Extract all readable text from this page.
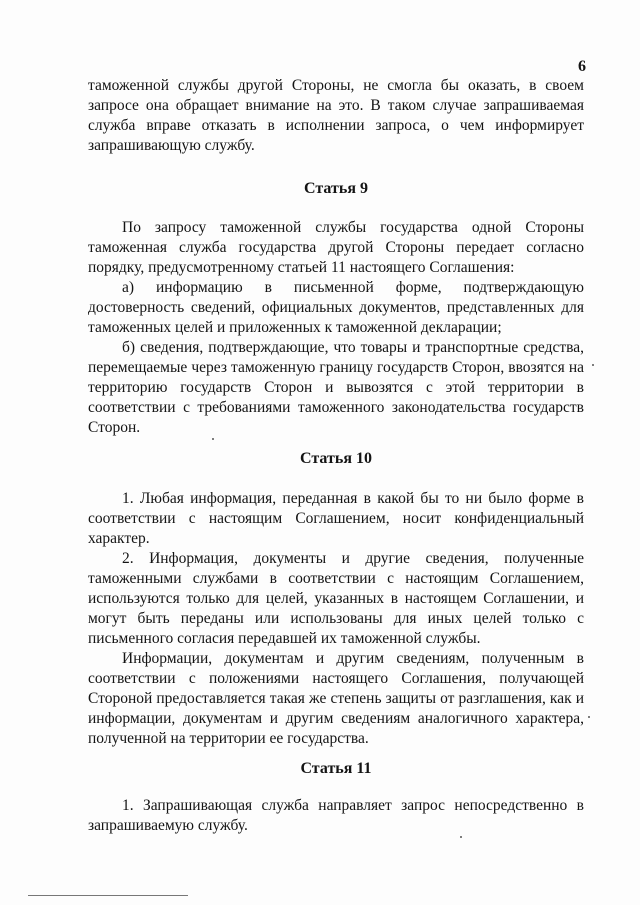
6

таможенной службы другой Стороны, не смогла бы оказать, в своем запросе она обращает внимание на это. В таком случае запрашиваемая служба вправе отказать в исполнении запроса, о чем информирует запрашивающую службу.

Статья 9

По запросу таможенной службы государства одной Стороны таможенная служба государства другой Стороны передает согласно порядку, предусмотренному статьей 11 настоящего Соглашения:

а) информацию в письменной форме, подтверждающую достоверность сведений, официальных документов, представленных для таможенных целей и приложенных к таможенной декларации;

б) сведения, подтверждающие, что товары и транспортные средства, перемещаемые через таможенную границу государств Сторон, ввозятся на территорию государств Сторон и вывозятся с этой территории в соответствии с требованиями таможенного законодательства государств Сторон.

Статья 10

1. Любая информация, переданная в какой бы то ни было форме в соответствии с настоящим Соглашением, носит конфиденциальный характер.

2. Информация, документы и другие сведения, полученные таможенными службами в соответствии с настоящим Соглашением, используются только для целей, указанных в настоящем Соглашении, и могут быть переданы или использованы для иных целей только с письменного согласия передавшей их таможенной службы.

Информации, документам и другим сведениям, полученным в соответствии с положениями настоящего Соглашения, получающей Стороной предоставляется такая же степень защиты от разглашения, как и информации, документам и другим сведениям аналогичного характера, полученной на территории ее государства.

Статья 11

1. Запрашивающая служба направляет запрос непосредственно в запрашиваемую службу.
